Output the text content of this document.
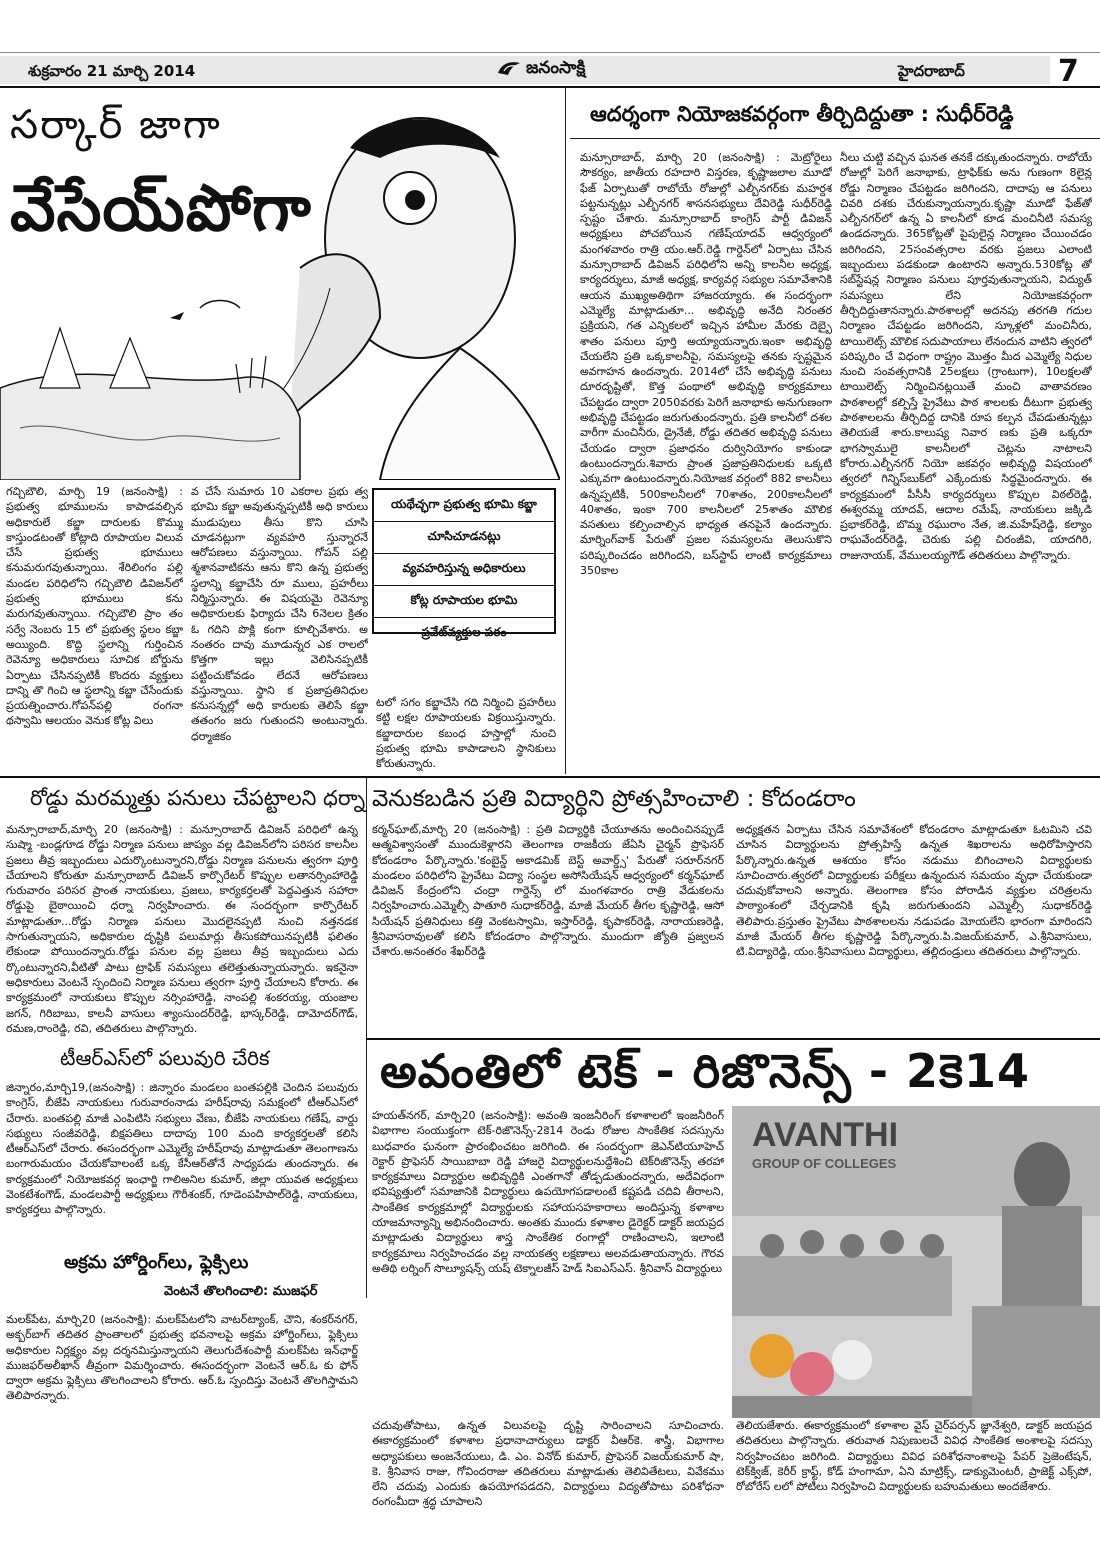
శుక్రవారం 21 మార్చి 2014	జనంసాక్షి	హైదరాబాద్	7
సర్కార్ జాగా
వేసేయ్‌పోగా

గచ్చిబౌలి, మార్చి 19 (జనంసాక్షి) : ప్రభుత్వ భూములను కాపాడవల్సిన అధికారులే కబ్జా దారులకు కొమ్ము కాస్తుండటంతో కోట్లాది రూపాయల విలువ చేసే ప్రభుత్వ భూములు కనుమరుగవుతున్నాయి. శేరిలింగం పల్లి మండల పరిధిలోని గచ్చిబౌలి డివిజన్‌లో ప్రభుత్వ భూములు కను మరుగవుతున్నాయి. గచ్చిబౌలి ప్రాం తం సర్వే నెంబరు 15 లో ప్రభుత్వ స్థలం కబ్జా అయ్యింది. కొద్ది స్థలాన్ని గుర్తించిన రెవెన్యూ అధికారులు సూచిక బోర్డును ఏర్పాటు చేసినప్పటికీ కొందరు వ్యక్తులు దాన్ని తొ గించి ఆ స్థలాన్ని కబ్జా చేసేందుకు ప్రయత్నించారు.గోపన్‌పల్లి రంగనా థస్వామి ఆలయం వెనుక కోట్ల విలు

వ చేసే సుమారు 10 ఎకరాల ప్రభు త్వ భూమి కబ్జా అవుతున్నప్పటికీ అధి కారులు ముడుపులు తీసు కొని చూసి చూడనట్లుగా వ్యవహరి స్తున్నారనే ఆరోపణలు వస్తున్నాయి. గోపన్ పల్లి శ్మశానవాటికను ఆను కొని ఉన్న ప్రభుత్వ స్థలాన్ని కబ్జాచేసి రూ ములు, ప్రహరీలు నిర్మిస్తున్నారు. ఈ విషయమై రెవెన్యూ అధికారులకు ఫిర్యాదు చేసి 6నెలల క్రితం ఓ గదిని పొక్లి కంగా కూల్చివేశారు. అ నంతరం దావు మూడున్నర ఎక రాలలో కొత్తగా ఇల్లు వెలిసినప్పటికీ పట్టించుకోవడం లేదనే ఆరోపణలు వస్తున్నాయి. స్థాని క ప్రజాప్రతినిధుల కనుసన్నల్లో అధి కారులకు తెలిసే కబ్జా తతంగం జరు గుతుందని అంటున్నారు. ధర్మాజికం

యథేచ్ఛగా ప్రభుత్వ భూమి కబ్జా
చూసిచూడనట్లు
వ్యవహరిస్తున్న అధికారులు
కోట్ల రూపాయల భూమి
ప్రవేట్‌వ్యక్తుల పరం

టలో సగం కబ్జాచేసి గది నిర్మించి ప్రహరీలు కట్టి లక్షల రూపాయలకు విక్రయిస్తున్నారు. కబ్జాదారుల కబంధ హస్తాల్లో నుంచి ప్రభుత్వ భూమి కాపాడాలని స్థానికులు కోరుతున్నారు.

ఆదర్శంగా నియోజకవర్గంగా తీర్చిదిద్దుతా : సుధీర్‌రెడ్డి

మన్సూరాబాద్, మార్చి 20 (జనంసాక్షి) : మెట్రోరైలు సౌకర్యం, జాతీయ రహదారి విస్తరణ, కృష్ణాజలాల మూడో ఫేజ్ ఏర్పాటుతో రాబోయే రోజుల్లో ఎల్బీనగర్‌కు మహర్దశ పట్టనున్నట్లు ఎల్బీనగర్ శాసనసభ్యులు దేవిరెడ్డి సుధీర్‌రెడ్డి స్పష్టం చేశారు. మన్సూరాబాద్ కాంగ్రెస్ పార్టీ డివిజన్ అధ్యక్షులు పోచబోయిన గణేష్‌యాదవ్ ఆధ్వర్యంలో మంగళవారం రాత్రి యం.ఆర్.రెడ్డి గార్డెన్‌లో ఏర్పాటు చేసిన మన్సూరాబాద్ డివిజన్ పరిధిలోని అన్ని కాలనీల అధ్యక్ష, కార్యదర్శులు, మాజీ అధ్యక్ష, కార్యవర్గ సభ్యుల సమావేశానికి ఆయన ముఖ్యఅతిథిగా హాజరయ్యారు. ఈ సందర్భంగా ఎమ్మెల్యే మాట్లాడుతూ... అభివృద్ధి అనేది నిరంతర ప్రక్రియని, గత ఎన్నికలలో ఇచ్చిన హామీల మేరకు దెబ్బై శాతం పనులు పూర్తి అయ్యాయన్నారు.ఇంకా అభివృద్ధి చేయలేని ప్రతి ఒక్కకాలనీపై, సమస్యలపై తనకు స్పష్టమైన అవగాహన ఉందన్నారు. 2014లో చేసే అభివృద్ధి పనులు దూరదృష్టితో, కొత్త పంథాలో అభివృద్ధి కార్యక్రమాలు చేపట్టడం ద్వారా 2050వరకు పెరిగే జనాభాకు అనుగుణంగా అభివృద్ధి చేపట్టడం జరుగుతుందన్నారు. ప్రతి కాలనీలో దశల వారీగా మంచినీరు, డ్రైనేజీ, రోడ్డు తదితర అభివృద్ధి పనులు చేయడం ద్వారా ప్రజాధనం దుర్వినియోగం కాకుండా ఉంటుందన్నారు.శివారు ప్రాంత ప్రజాప్రతినిధులకు ఒక్కటి ఎక్కువగా ఉంటుందన్నారు.నియోజక వర్గంలో 882 కాలనీలు ఉన్నప్పటికీ, 500కాలనీలలో 70శాతం, 200కాలనీలలో 40శాతం, ఇంకా 700 కాలనీలలో 25శాతం మౌలిక వసతులు కల్పించాల్సిన భాధ్యత తనపైనే ఉందన్నారు. మార్నింగ్‌వాక్ పేరుతో ప్రజల సమస్యలను తెలుసుకొని పరిష్కరించడం జరిగిందని, బస్‌స్టాప్ లాంటి కార్యక్రమాలు 350కాల

నీలు చుట్టి వచ్చిన ఘనత తనకే దక్కుతుందన్నారు. రాబోయే రోజుల్లో పెరిగే జనాభాకు, ట్రాఫిక్‌కు అను గుణంగా 8లైన్ల రోడ్డు నిర్మాణం చేపట్టడం జరిగిందని, దాదాపు ఆ పనులు చివరి దశకు చేరుకున్నాయన్నారు.కృష్ణా మూడో ఫేజ్‌తో ఎల్బీనగర్‌లో ఉన్న ఏ కాలనీలో కూడ మంచినీటి సమస్య ఉండదన్నారు. 365కోట్లతో పైపులైన్ల నిర్మాణం చేయించడం జరిగిందని, 25సంవత్సరాల వరకు ప్రజలు ఎలాంటి ఇబ్బందులు పడకుండా ఉంటారని అన్నారు.530కోట్ల తో సబ్‌స్టేషన్ల నిర్మాణం పనులు పూర్తవుతున్నాయని, విద్యుత్ సమస్యలు లేని నియోజకవర్గంగా తీర్చిదిద్దుతానన్నారు.పాఠశాలల్లో అదనపు తరగతి గదుల నిర్మాణం చేపట్టడం జరిగిందని, స్కూళ్లలో మంచినీరు, టాయిలెట్స్ మౌలిక సదుపాయాలు లేనందున వాటిని త్వరలో పరిష్కరిం చే విధంగా రాష్ట్రం మొత్తం మీద ఎమ్మెల్యే నిధుల నుంచి సంవత్సరానికి 25లక్షలు (గ్రాంటుగా), 10లక్షలతో టాయిలెట్స్ నిర్మించినట్లయితే మంచి వాతావరణం పాఠశాలల్లో కల్పిస్తే ప్రైవేటు పాఠ శాలలకు దీటుగా ప్రభుత్వ పాఠశాలలను తీర్చిదిద్ద దానికి రూప కల్పన చేపడుతున్నట్లు తెలియజే శారు.కాలుష్య నివార ణకు ప్రతి ఒక్కరూ భాగస్వాములై కాలనీలలో చెట్లను నాటాలని కోరారు.ఎల్బీనగర్ నియో జకవర్గం అభివృద్ధి విషయంలో త్వరలో గిన్నిస్‌బుక్‌లో ఎక్కేందుకు సిద్ధమైందన్నారు. ఈ కార్యక్రమంలో పీసీసీ కార్యదర్శులు కొప్పుల విఠల్‌రెడ్డి, ఈశ్వరమ్మ యాదవ్, ఆదాల రమేష్, నాయకులు జక్కిడి ప్రభాకర్‌రెడ్డి, బొమ్మ రఘురాం నేత, జి.మహేష్‌రెడ్డి, కల్యాం రాఘవేందర్‌రెడ్డి, చెరుకు పల్లి చిరంజీవి, యాదగిరి, రాజునాయక్, వేములయ్యగౌడ్ తదితరులు పాల్గొన్నారు.

రోడ్డు మరమ్మత్తు పనులు చేపట్టాలని ధర్నా

మన్సూరాబాద్,మార్చి 20 (జనంసాక్షి) : మన్సూరాబాద్ డివిజన్ పరిధిలో ఉన్న సుష్మా -బండ్లగూడ రోడ్డు నిర్మాణ పనులు జాప్యం వల్ల డివిజన్‌లోని పరిసర కాలనీల ప్రజలు తీవ్ర ఇబ్బందులు ఎదుర్కొంటున్నారని,రోడ్డు నిర్మాణ పనులను త్వరగా పూర్తి చేయాలని కోరుతూ మన్సూరాబాద్ డివిజన్ కార్పొరేటర్ కొప్పుల లతానర్సింహారెడ్డి గురువారం పరిసర ప్రాంత నాయకులు, ప్రజలు, కార్యకర్తలతో పెద్దఎత్తున సహారా రోడ్డుపై బైఠాయించి ధర్నా నిర్వహించారు. ఈ సందర్భంగా కార్పొరేటర్ మాట్లాడుతూ...రోడ్డు నిర్మాణ పనులు మొదలైనప్పటి నుంచి నత్తనడక సాగుతున్నాయని, అధికారుల దృష్టికి పలుమార్లు తీసుకపోయినప్పటికీ ఫలితం లేకుండా పోయిందన్నారు.రోడ్డు పనుల వల్ల ప్రజలు తీవ్ర ఇబ్బందులు ఎదు ర్కొంటున్నారని,వీటితో పాటు ట్రాఫిక్ సమస్యలు తలెత్తుతున్నాయన్నారు. ఇకనైనా అధికారులు వెంటనే స్పందించి నిర్మాణ పనులు త్వరగా పూర్తి చేయాలని కోరారు. ఈ కార్యక్రమంలో నాయకులు కొప్పుల నర్సింహారెడ్డి, నాంపల్లి శంకరయ్య, యంజాల జగన్, గిరిబాబు, కాలనీ వాసులు శ్యాంసుందర్‌రెడ్డి, భాస్కర్‌రెడ్డి, దామోదర్‌గౌడ్, రమణ,రాంరెడ్డి, రవి, తదితరులు పాల్గొన్నారు.

టీఆర్‌ఎస్‌లో పలువురి చేరిక

జిన్నారం,మార్చి19,(జనంసాక్షి) : జిన్నారం మండలం బంతపల్లికి చెందిన పలువురు కాంగ్రెస్, బీజేపి నాయకులు గురువారంనాడు హరీష్‌రావు సమక్షంలో టీఆర్‌ఎస్‌లో చేరారు. బంతపల్లి మాజీ ఎంపిటిసి సభ్యులు వేణు, బీజేపి నాయకులు గణేష్, వార్డు సభ్యులు సంజీవరెడ్డి, బిక్షపతిలు దాదాపు 100 మంది కార్యకర్తలతో కలిసి టీఆర్‌ఎస్‌లో చేరారు. ఈసందర్భంగా ఎమ్మెల్యే హరీష్‌రావు మాట్లాడుతూ తెలంగాణను బంగారుమయం చేయకోవాలంటే ఒక్క కేసీఆర్‌తోనే సాధ్యపడు తుందన్నారు. ఈ కార్యక్రమంలో నియోజకవర్గ ఇంఛార్జి గాలిఅనిల కుమార్, జిల్లా యువత అధ్యక్షులు వెంకటేశంగౌడ్, మండలపార్టీ అధ్యక్షులు గౌరీశంకర్, గూడెంపహిపాల్‌రెడ్డి, నాయకులు, కార్యకర్తలు పాల్గొన్నారు.

అక్రమ హోర్డింగ్‌లు, ఫ్లెక్సిలు
వెంటనే తొలగించాలి: ముజఫర్

మలక్‌పేట, మార్చి20 (జనంసాక్షి): మలక్‌పేటలోని వాటర్‌ట్యాంక్, చౌని, శంకర్‌నగర్, అక్బర్‌బాగ్ తదితర ప్రాంతాలలో ప్రభుత్వ భవనాలపై అక్రమ హోర్డింగ్‌లు, ఫ్లెక్సిలు అధికారుల నిర్లక్ష్యం వల్ల దర్శనమిస్తున్నాయని తెలుగుదేశంపార్టీ మలక్‌పేట ఇన్‌ఛార్జ్ ముజఫర్‌అలీఖాన్ తీవ్రంగా విమర్శించారు. ఈసందర్భంగా వెంటనే ఆర్.ఓ కు ఫోన్ ద్వారా అక్రమ ఫ్లెక్సిలు తొలగించాలని కోరారు. ఆర్.ఓ స్పందిస్తు వెంటనే తొలగిస్తామని తెలిపారన్నారు.

వెనుకబడిన ప్రతి విద్యార్థిని ప్రోత్సహించాలి : కోదండరాం

కర్మన్‌ఘాట్,మార్చి 20 (జనంసాక్షి) : ప్రతి విద్యార్థికి చేయూతను అందించినప్పుడే ఆత్మవిశ్వాసంతో ముందుకెళ్లారని తెలంగాణ రాజకీయ జేఏసి చైర్మన్ ప్రొఫెసర్ కోదండరాం పేర్కొన్నారు.'కంబైన్డ్ అకాడమిక్ బెస్ట్ అవార్డ్స్' పేరుతో సరూర్‌నగర్ మండలం పరిధిలోని ప్రైవేటు విద్యా సంస్థల అసోసియేషన్ ఆధ్వర్యంలో కర్మన్‌ఘాట్ డివిజన్ కేంద్రంలోని చంద్రా గార్డెన్స్ లో మంగళవారం రాత్రి వేడుకలను నిర్వహించారు.ఎమ్మెల్సీ పాతూరి సుధాకర్‌రెడ్డి, మాజీ మేయర్ తీగల కృష్ణారెడ్డి, ఆసో సియేషన్ ప్రతినిధులు కత్తి వెంకటస్వామి, ఇస్తార్‌రెడ్డి, కృపాకర్‌రెడ్డి, నారాయణరెడ్డి, శ్రీనివాసరావులతో కలిసి కోదండరాం పాల్గొన్నారు. ముందుగా జ్యోతి ప్రజ్వలన చేశారు.అనంతరం శేఖర్‌రెడ్డి

అధ్యక్షతన ఏర్పాటు చేసిన సమావేశంలో కోదండరాం మాట్లాడుతూ ఓటమిని చవి చూసిన విద్యార్థులను ప్రోత్సహిస్తే ఉన్నత శిఖరాలను అధిరోహిస్తారని పేర్కొన్నారు.ఉన్నత ఆశయం కోసం నడుము బిగించాలని విద్యార్థులకు సూచించారు.త్వరలో విద్యార్థులకు పరీక్షలు ఉన్నందున సమయం వృధా చేయకుండా చదువుకోవాలని అన్నారు. తెలంగాణ కోసం పోరాడిన వ్యక్తుల చరిత్రలను పాఠ్యాంశంలో చేర్చడానికి కృషి జరుగుతుందని ఎమ్మెల్సీ సుధాకర్‌రెడ్డి తెలిపారు.ప్రస్తుతం ప్రైవేటు పాఠశాలలను నడుపడం మోయలేని భారంగా మారిందని మాజీ మేయర్ తీగల కృష్ణారెడ్డి పేర్కొన్నారు.పి.విజయ్‌కుమార్, ఎ.శ్రీనివాసులు, టి.విద్యారెడ్డి, యం.శ్రీనివాసులు విద్యార్థులు, తల్లిదండ్రులు తదితరులు పాల్గొన్నారు.

అవంతిలో టెక్ - రిజొనెన్స్ - 2కె14

హయత్‌నగర్, మార్చి20 (జనంసాక్షి): అవంతి ఇంజనీరింగ్ కళాశాలలో ఇంజనీరింగ్ విభాగాల సంయుక్తంగా టెక్-రిజొనెన్స్-2కె14 రెండు రోజుల సాంకేతిక సదస్సును బుధవారం ఘనంగా ప్రారంభించటం జరిగింది. ఈ సందర్భంగా జెఎన్‌టియూహెచ్ రెక్టార్ ప్రొఫెసర్ సాయిబాబా రెడ్డి హాజరై విద్యార్థులనుద్దేశించి టెక్‌రిజొనెన్స్ తరహా కార్యక్రమాలు విద్యార్థుల అభివృద్ధికి ఎంతగానో తోడ్పడుతుందన్నారు, అదేవిధంగా భవిష్యత్తులో సమాజానికి విద్యార్థులు ఉపయోగపడాలంటే కష్టపడి చదివి తీరాలని, సాంకేతిక కార్యక్రమాల్లో విద్యార్థులకు సహాయసహకారాలు అందిస్తున్న కళాశాల యాజమాన్యాన్ని అభినందించారు. అంతకు ముందు కళాశాల డైరెక్టర్ డాక్టర్ జయప్రద మాట్లాడుతు విద్యార్థులు శాస్త్ర సాంకేతిక రంగాల్లో రాణించాలని, ఇలాంటి కార్యక్రమాలు నిర్వహించడం వల్ల నాయకత్వ లక్షణాలు అలవడుతాయన్నారు. గౌరవ అతిథి లర్నింగ్ సొల్యూషన్స్ యష్ టెక్నాలజీస్ హెడ్ సిఐఎస్‌ఎస్. శ్రీనివాస్ విద్యార్థులు

AVANTHI
GROUP OF COLLEGES

చదువుతోపాటు, ఉన్నత విలువలపై దృష్టి సారించాలని సూచించారు. ఈకార్యక్రమంలో కళాశాల ప్రధానాచార్యులు డాక్టర్ వీఆర్‌కె. శాస్త్రీ, విభాగాల అధ్యాపకులు అంజనేయులు, డి. ఎం. వినోద్ కుమార్, ప్రొఫెసర్ విజయ్‌కుమార్ షా, కె. శ్రీనివాస రాజు, గోవిందరాజు తదితరులు మాట్లాడుతు తెలివితేటలు, వివేకము లేని చదువు ఎందుకు ఉపయోగపడదని, విద్యార్థులు విద్యతోపాటు పరిశోధనా రంగంమీదా శ్రద్ధ చూపాలని

తెలియజేశారు. ఈకార్యక్రమంలో కళాశాల వైస్ చైర్‌పర్సన్ జ్ఞానేశ్వరి, డాక్టర్ జయప్రద తదితరులు పాల్గొన్నారు. తరువాత నిపుణులచే వివిధ సాంకేతిక అంశాలపై సదస్సు నిర్వహించటం జరిగింది. విద్యార్థులు వివిధ పరిశోధనాంశాలపై పేపర్ ప్రెజెంటేషన్, టెక్‌క్విజ్, కెరీర్ క్రాఫ్ట్, కోడ్ హంగామా, ఏని మాట్రిక్స్, డాక్యుమెంటరీ, ప్రాజెక్ట్ ఎక్స్‌పో, రోబోరేస్ లలో పోటీలు నిర్వహించి విద్యార్థులకు బహుమతులు అందజేశారు.
